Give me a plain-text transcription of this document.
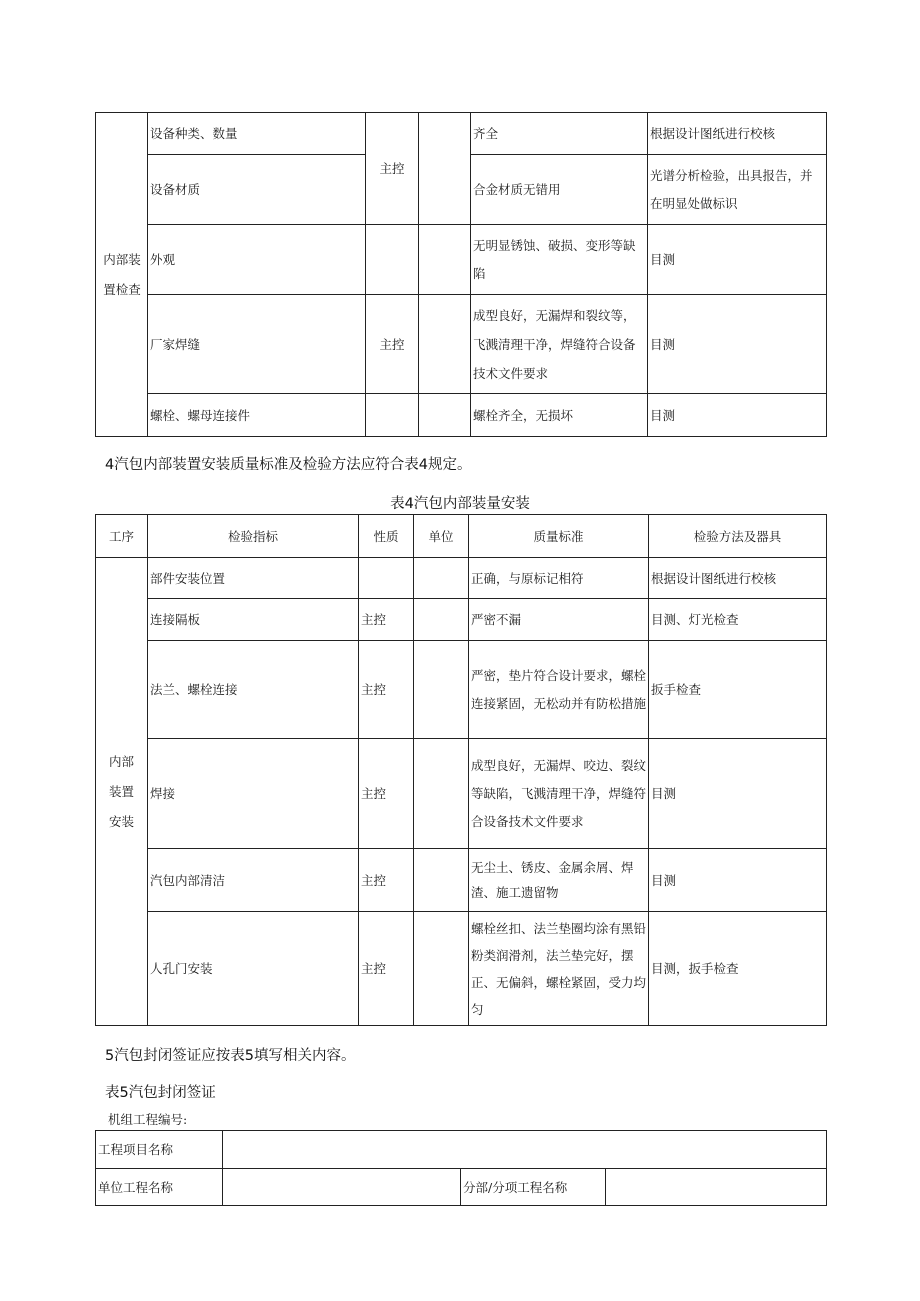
内部装置检查	设备种类、数量	主控		齐全	根据设计图纸进行校核
	设备材质			合金材质无错用	光谱分析检验，出具报告，并在明显处做标识
	外观			无明显锈蚀、破损、变形等缺陷	目测
	厂家焊缝	主控		成型良好，无漏焊和裂纹等，飞溅清理干净，焊缝符合设备技术文件要求	目测
	螺栓、螺母连接件			螺栓齐全，无损坏	目测
4汽包内部装置安装质量标准及检验方法应符合表4规定。
表4汽包内部装量安装
工序	检验指标	性质	单位	质量标准	检验方法及器具

内部装置安装	部件安装位置			正确，与原标记相符	根据设计图纸进行校核
	连接隔板	主控		严密不漏	目测、灯光检查
	法兰、螺栓连接	主控		严密，垫片符合设计要求，螺栓连接紧固，无松动并有防松措施	扳手检查
	焊接	主控		成型良好，无漏焊、咬边、裂纹等缺陷，飞溅清理干净，焊缝符合设备技术文件要求	目测
	汽包内部清洁	主控		无尘土、锈皮、金属余屑、焊渣、施工遗留物	目测
	人孔门安装	主控		螺栓丝扣、法兰垫圈均涂有黑铅粉类润滑剂，法兰垫完好，摆正、无偏斜，螺栓紧固，受力均匀	目测，扳手检查
5汽包封闭签证应按表5填写相关内容。
表5汽包封闭签证
机组工程编号:
工程项目名称			
单位工程名称		分部/分项工程名称	
